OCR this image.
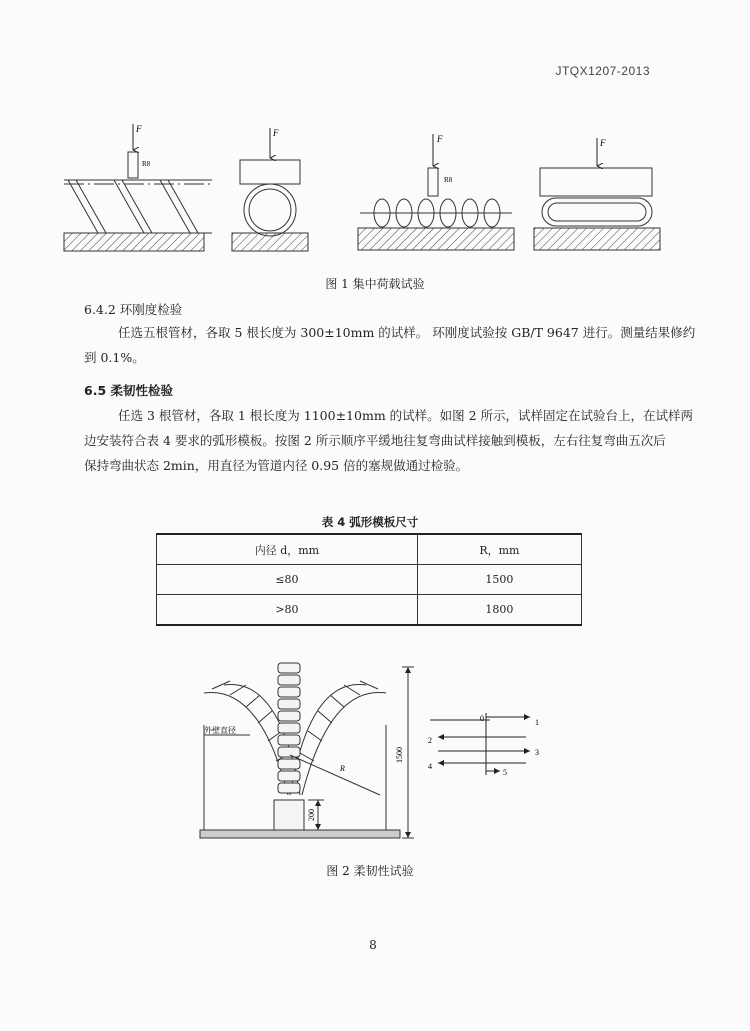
JTQX1207-2013
F
R8
F
F
R8
F
图 1 集中荷载试验
6.4.2 环刚度检验
任选五根管材，各取 5 根长度为 300±10mm 的试样。 环刚度试验按 GB/T 9647 进行。测量结果修约
到 0.1%。
6.5 柔韧性检验
任选 3 根管材，各取 1 根长度为 1100±10mm 的试样。如图 2 所示，试样固定在试验台上，在试样两
边安装符合表 4 要求的弧形模板。按图 2 所示顺序平缓地往复弯曲试样接触到模板，左右往复弯曲五次后
保持弯曲状态 2min，用直径为管道内径 0.95 倍的塞规做通过检验。
表 4 弧形模板尺寸
内径 d，mm	R，mm
≤80	1500
>80	1800
外壁直径
R
1500
200
0	1
2
3
4
5
图 2 柔韧性试验
8
